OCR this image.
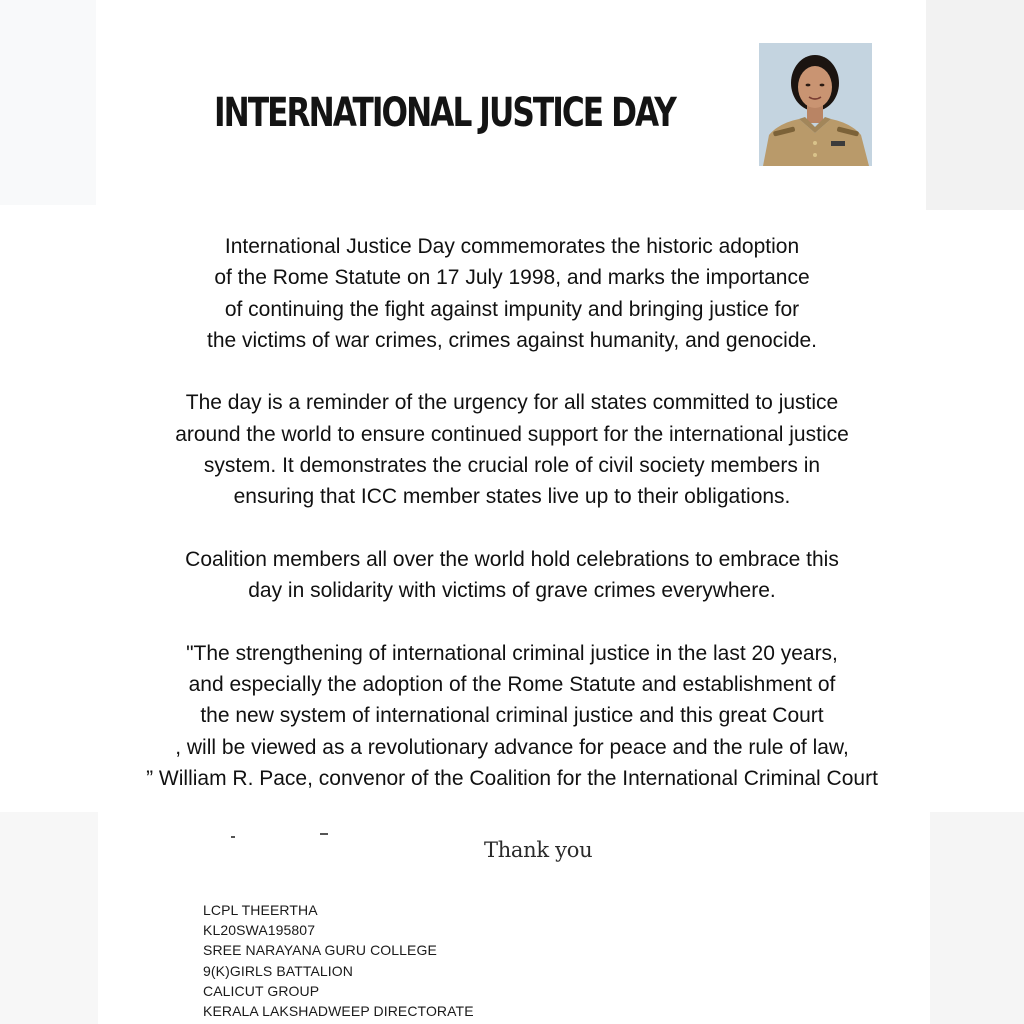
INTERNATIONAL JUSTICE DAY

International Justice Day commemorates the historic adoption
of the Rome Statute on 17 July 1998, and marks the importance
of continuing the fight against impunity and bringing justice for
the victims of war crimes, crimes against humanity, and genocide.

The day is a reminder of the urgency for all states committed to justice
around the world to ensure continued support for the international justice
system. It demonstrates the crucial role of civil society members in
ensuring that ICC member states live up to their obligations.

Coalition members all over the world hold celebrations to embrace this
day in solidarity with victims of grave crimes everywhere.

"The strengthening of international criminal justice in the last 20 years,
and especially the adoption of the Rome Statute and establishment of
the new system of international criminal justice and this great Court
, will be viewed as a revolutionary advance for peace and the rule of law,
” William R. Pace, convenor of the Coalition for the International Criminal Court

Thank you
LCPL THEERTHA
KL20SWA195807
SREE NARAYANA GURU COLLEGE
9(K)GIRLS BATTALION
CALICUT GROUP
KERALA LAKSHADWEEP DIRECTORATE
